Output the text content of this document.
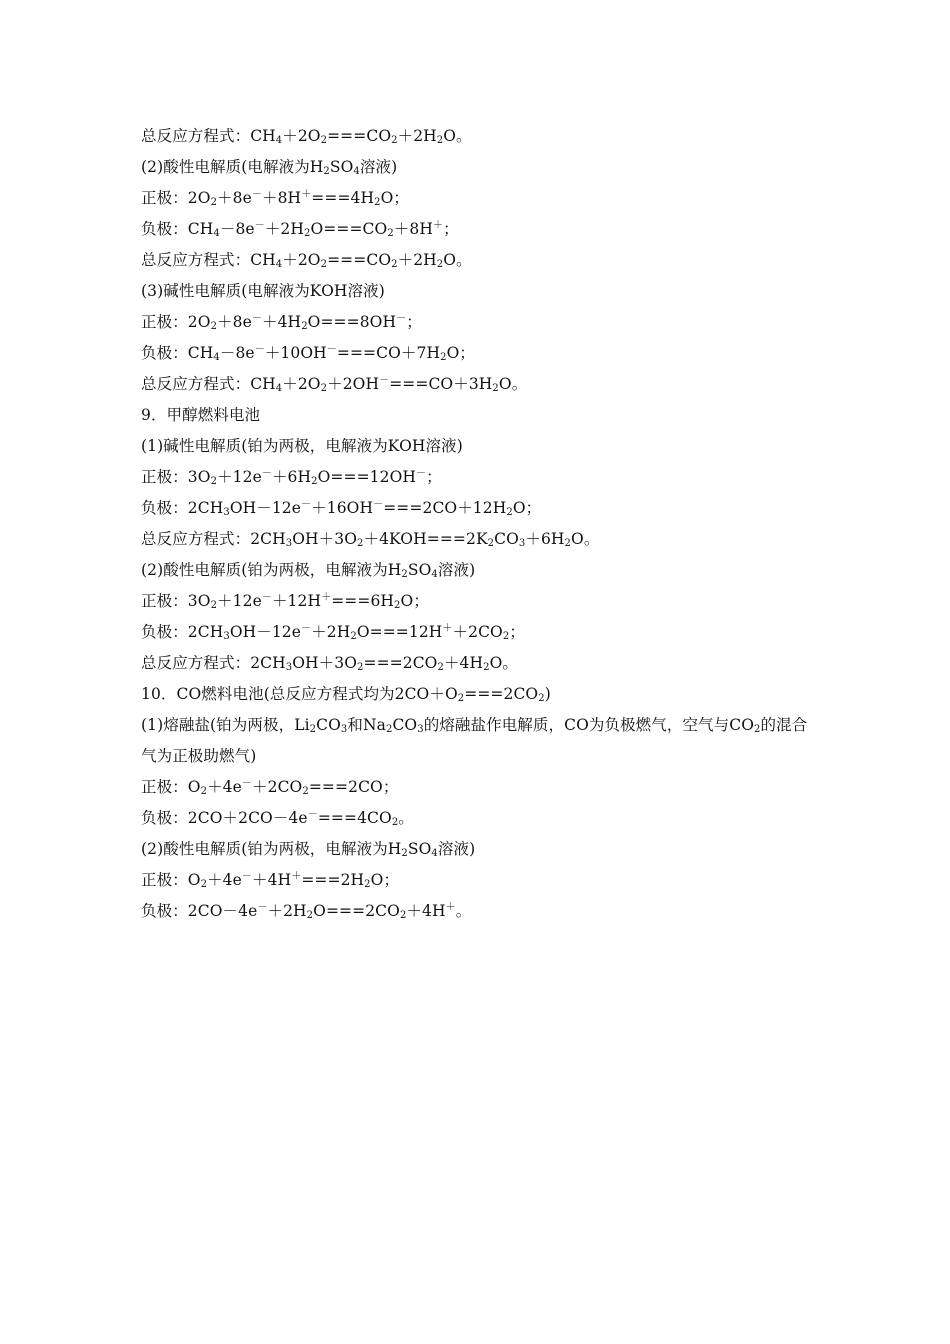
总反应方程式：$CH_4+2O_2===CO_2+2H_2O$。
(2)酸性电解质(电解液为$H_2SO_4$溶液)
正极：$2O_2+8e^-+8H^+===4H_2O$；
负极：$CH_4-8e^-+2H_2O===CO_2+8H^+$；
总反应方程式：$CH_4+2O_2===CO_2+2H_2O$。
(3)碱性电解质(电解液为KOH溶液)
正极：$2O_2+8e^-+4H_2O===8OH^-$；
负极：$CH_4-8e^-+10OH^-===CO+7H_2O$；
总反应方程式：$CH_4+2O_2+2OH^-===CO+3H_2O$。
9．甲醇燃料电池
(1)碱性电解质(铂为两极，电解液为KOH溶液)
正极：$3O_2+12e^-+6H_2O===12OH^-$；
负极：$2CH_3OH-12e^-+16OH^-===2CO+12H_2O$；
总反应方程式：$2CH_3OH+3O_2+4KOH===2K_2CO_3+6H_2O$。
(2)酸性电解质(铂为两极，电解液为$H_2SO_4$溶液)
正极：$3O_2+12e^-+12H^+===6H_2O$；
负极：$2CH_3OH-12e^-+2H_2O===12H^++2CO_2$；
总反应方程式：$2CH_3OH+3O_2===2CO_2+4H_2O$。
10．CO燃料电池(总反应方程式均为$2CO+O_2===2CO_2$)
(1)熔融盐(铂为两极，$Li_2CO_3$和$Na_2CO_3$的熔融盐作电解质，CO为负极燃气，空气与$CO_2$的混合气为正极助燃气)
正极：$O_2+4e^-+2CO_2===2CO$；
负极：$2CO+2CO-4e^-===4CO_2$。
(2)酸性电解质(铂为两极，电解液为$H_2SO_4$溶液)
正极：$O_2+4e^-+4H^+===2H_2O$；
负极：$2CO-4e^-+2H_2O===2CO_2+4H^+$。
